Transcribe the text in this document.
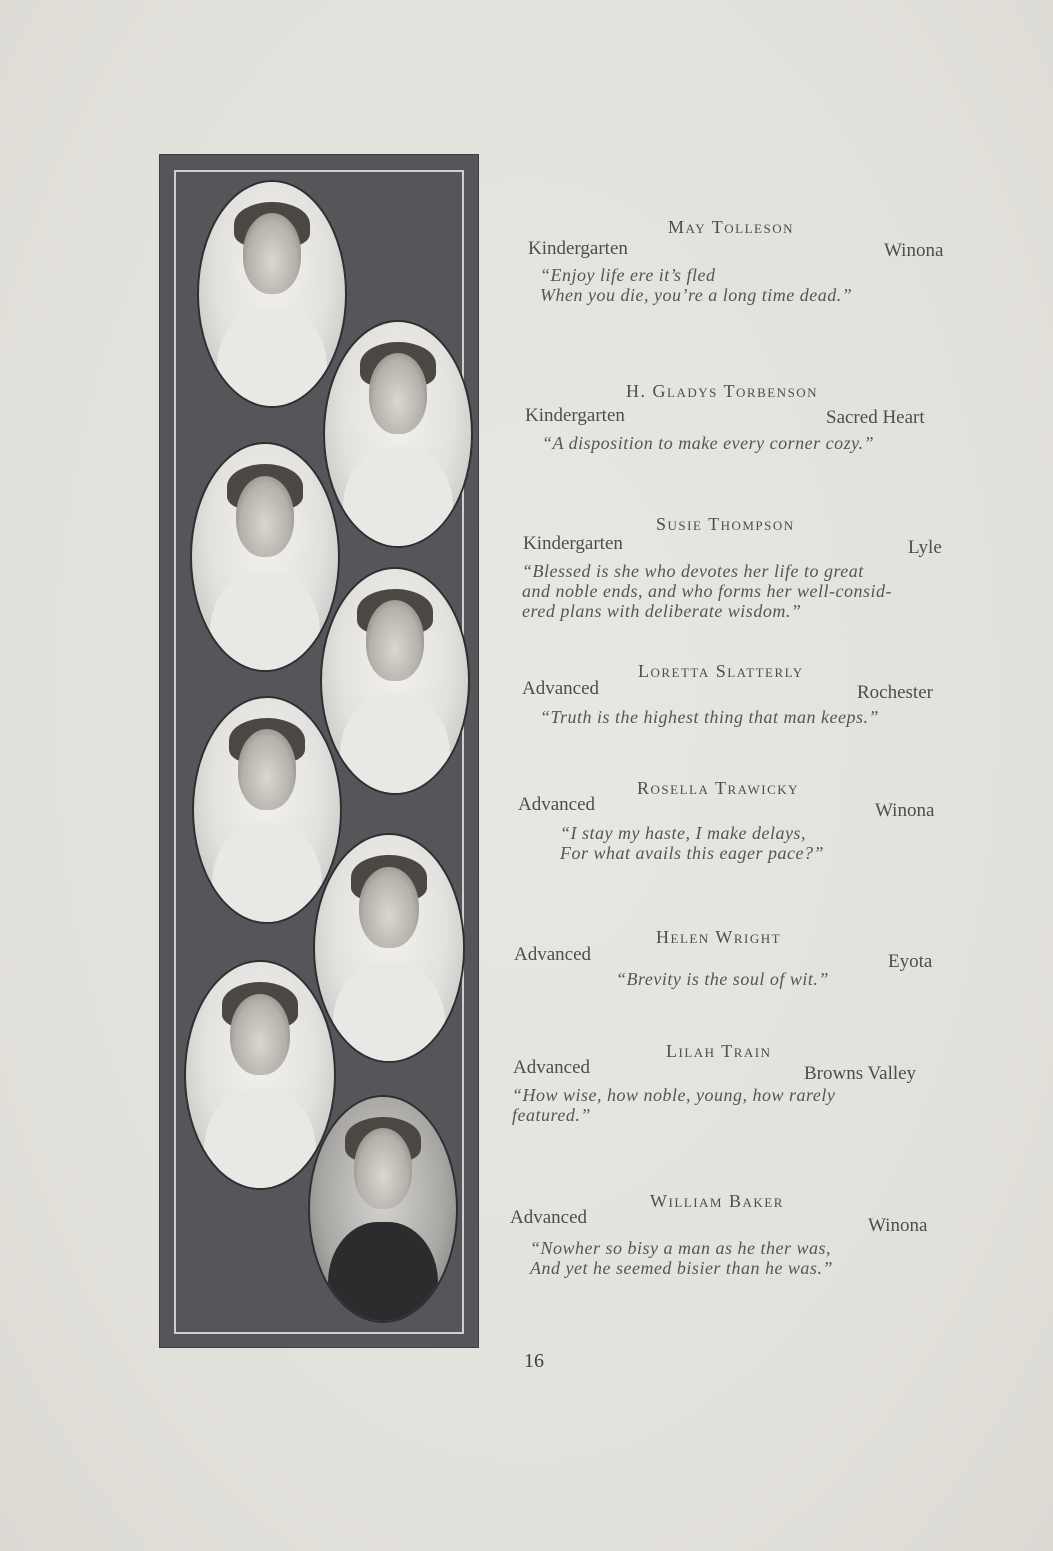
May Tolleson
Kindergarten	Winona
“Enjoy life ere it’s fled
When you die, you’re a long time dead.”
H. Gladys Torbenson
Kindergarten	Sacred Heart
“A disposition to make every corner cozy.”
Susie Thompson
Kindergarten	Lyle
“Blessed is she who devotes her life to great
and noble ends, and who forms her well-consid-
ered plans with deliberate wisdom.”
Loretta Slatterly
Advanced	Rochester
“Truth is the highest thing that man keeps.”
Rosella Trawicky
Advanced	Winona
“I stay my haste, I make delays,
For what avails this eager pace?”
Helen Wright
Advanced	Eyota
“Brevity is the soul of wit.”
Lilah Train
Advanced	Browns Valley
“How wise, how noble, young, how rarely
featured.”
William Baker
Advanced	Winona
“Nowher so bisy a man as he ther was,
And yet he seemed bisier than he was.”
16
